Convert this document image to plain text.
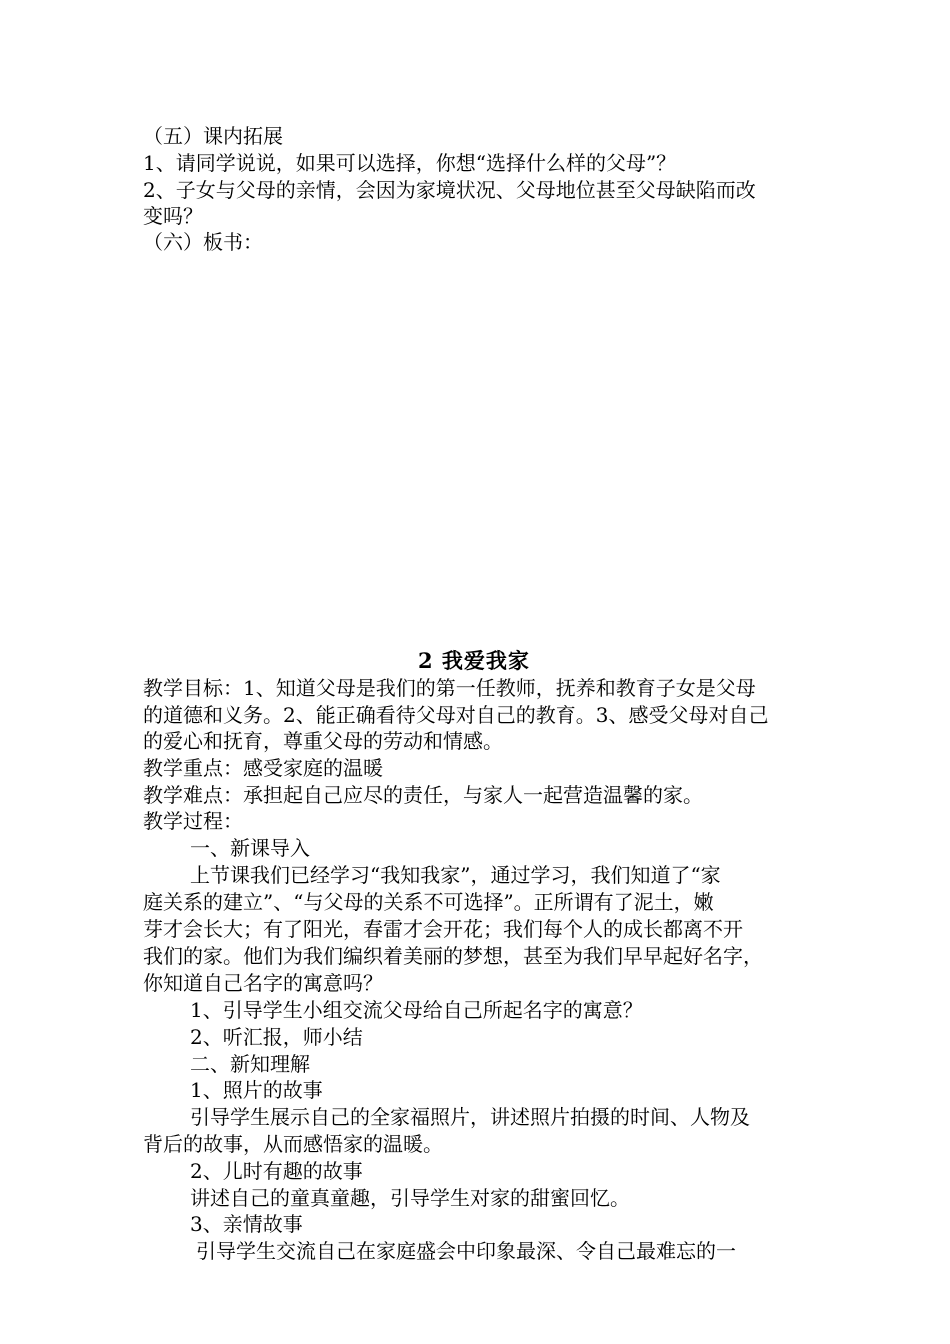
（五）课内拓展
1、请同学说说，如果可以选择，你想“选择什么样的父母”？
2、子女与父母的亲情，会因为家境状况、父母地位甚至父母缺陷而改
变吗？
（六）板书：
2 我爱我家
教学目标：1、知道父母是我们的第一任教师，抚养和教育子女是父母
的道德和义务。2、能正确看待父母对自己的教育。3、感受父母对自己
的爱心和抚育，尊重父母的劳动和情感。
教学重点：感受家庭的温暖
教学难点：承担起自己应尽的责任，与家人一起营造温馨的家。
教学过程：
一、新课导入
上节课我们已经学习“我知我家”，通过学习，我们知道了“家
庭关系的建立”、“与父母的关系不可选择”。正所谓有了泥土，嫩
芽才会长大；有了阳光，春雷才会开花；我们每个人的成长都离不开
我们的家。他们为我们编织着美丽的梦想，甚至为我们早早起好名字，
你知道自己名字的寓意吗？
1、引导学生小组交流父母给自己所起名字的寓意？
2、听汇报，师小结
二、新知理解
1、照片的故事
引导学生展示自己的全家福照片，讲述照片拍摄的时间、人物及
背后的故事，从而感悟家的温暖。
2、儿时有趣的故事
讲述自己的童真童趣，引导学生对家的甜蜜回忆。
3、亲情故事
引导学生交流自己在家庭盛会中印象最深、令自己最难忘的一
